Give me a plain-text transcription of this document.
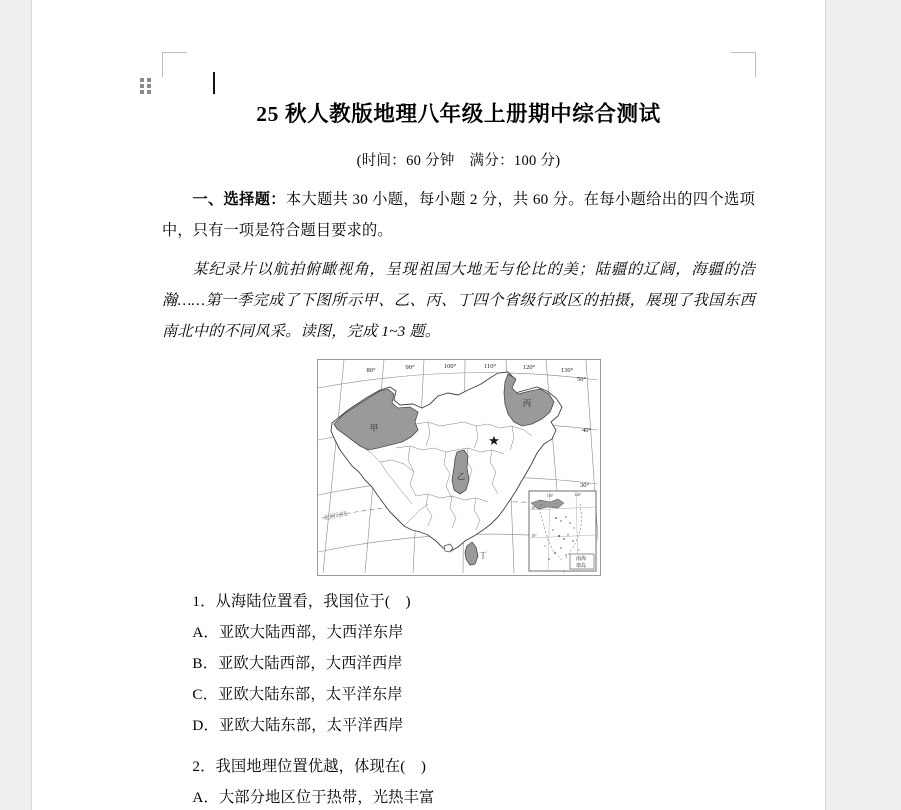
25 秋人教版地理八年级上册期中综合测试

(时间：60 分钟　满分：100 分)

一、选择题：本大题共 30 小题，每小题 2 分，共 60 分。在每小题给出的四个选项中，只有一项是符合题目要求的。

某纪录片以航拍俯瞰视角，呈现祖国大地无与伦比的美；陆疆的辽阔，海疆的浩瀚……第一季完成了下图所示甲、乙、丙、丁四个省级行政区的拍摄，展现了我国东西南北中的不同风采。读图，完成 1~3 题。

北回归线
80°	90°	100°	110°	120°	130°
50°
40°
30°
甲
丙
乙
丁
110°	120°
20°
10°
南海
诸岛

1．从海陆位置看，我国位于(　)

A．亚欧大陆西部，大西洋东岸

B．亚欧大陆西部，大西洋西岸

C．亚欧大陆东部，太平洋东岸

D．亚欧大陆东部，太平洋西岸

2．我国地理位置优越，体现在(　)

A．大部分地区位于热带，光热丰富
